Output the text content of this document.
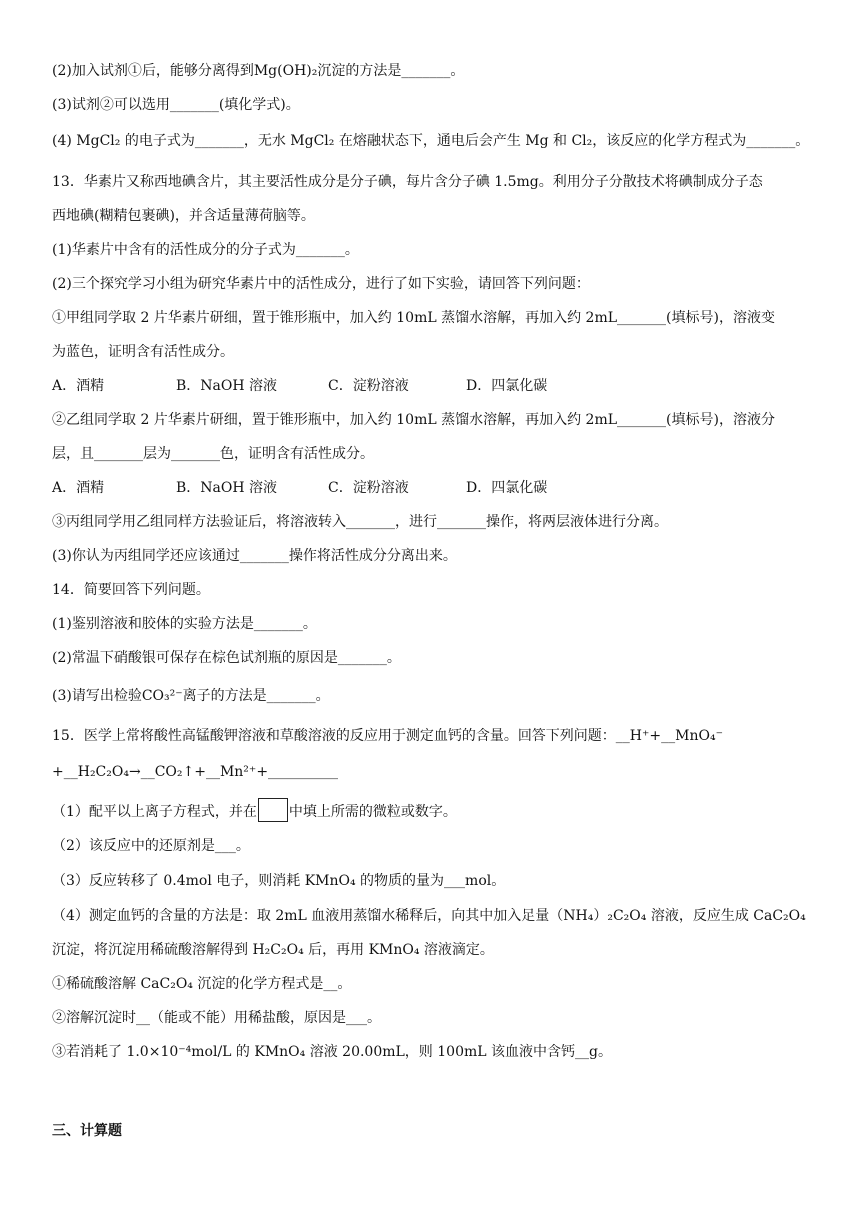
(2)加入试剂①后，能够分离得到Mg(OH)₂沉淀的方法是_______。
(3)试剂②可以选用_______(填化学式)。
(4) MgCl₂ 的电子式为_______，无水 MgCl₂ 在熔融状态下，通电后会产生 Mg 和 Cl₂，该反应的化学方程式为_______。
13．华素片又称西地碘含片，其主要活性成分是分子碘，每片含分子碘 1.5mg。利用分子分散技术将碘制成分子态
西地碘(糊精包裹碘)，并含适量薄荷脑等。
(1)华素片中含有的活性成分的分子式为_______。
(2)三个探究学习小组为研究华素片中的活性成分，进行了如下实验，请回答下列问题：
①甲组同学取 2 片华素片研细，置于锥形瓶中，加入约 10mL 蒸馏水溶解，再加入约 2mL_______(填标号)，溶液变
为蓝色，证明含有活性成分。
A．酒精	B．NaOH 溶液	C．淀粉溶液	D．四氯化碳
②乙组同学取 2 片华素片研细，置于锥形瓶中，加入约 10mL 蒸馏水溶解，再加入约 2mL_______(填标号)，溶液分
层，且_______层为_______色，证明含有活性成分。
A．酒精	B．NaOH 溶液	C．淀粉溶液	D．四氯化碳
③丙组同学用乙组同样方法验证后，将溶液转入_______，进行_______操作，将两层液体进行分离。
(3)你认为丙组同学还应该通过_______操作将活性成分分离出来。
14．简要回答下列问题。
(1)鉴别溶液和胶体的实验方法是_______。
(2)常温下硝酸银可保存在棕色试剂瓶的原因是_______。
(3)请写出检验CO₃²⁻离子的方法是_______。
15．医学上常将酸性高锰酸钾溶液和草酸溶液的反应用于测定血钙的含量。回答下列问题：__H⁺+__MnO₄⁻
+__H₂C₂O₄→__CO₂↑+__Mn²⁺+__________
（1）配平以上离子方程式，并在 中填上所需的微粒或数字。
（2）该反应中的还原剂是___。
（3）反应转移了 0.4mol 电子，则消耗 KMnO₄ 的物质的量为___mol。
（4）测定血钙的含量的方法是：取 2mL 血液用蒸馏水稀释后，向其中加入足量（NH₄）₂C₂O₄ 溶液，反应生成 CaC₂O₄
沉淀，将沉淀用稀硫酸溶解得到 H₂C₂O₄ 后，再用 KMnO₄ 溶液滴定。
①稀硫酸溶解 CaC₂O₄ 沉淀的化学方程式是__。
②溶解沉淀时__（能或不能）用稀盐酸，原因是___。
③若消耗了 1.0×10⁻⁴mol/L 的 KMnO₄ 溶液 20.00mL，则 100mL 该血液中含钙__g。
三、计算题
